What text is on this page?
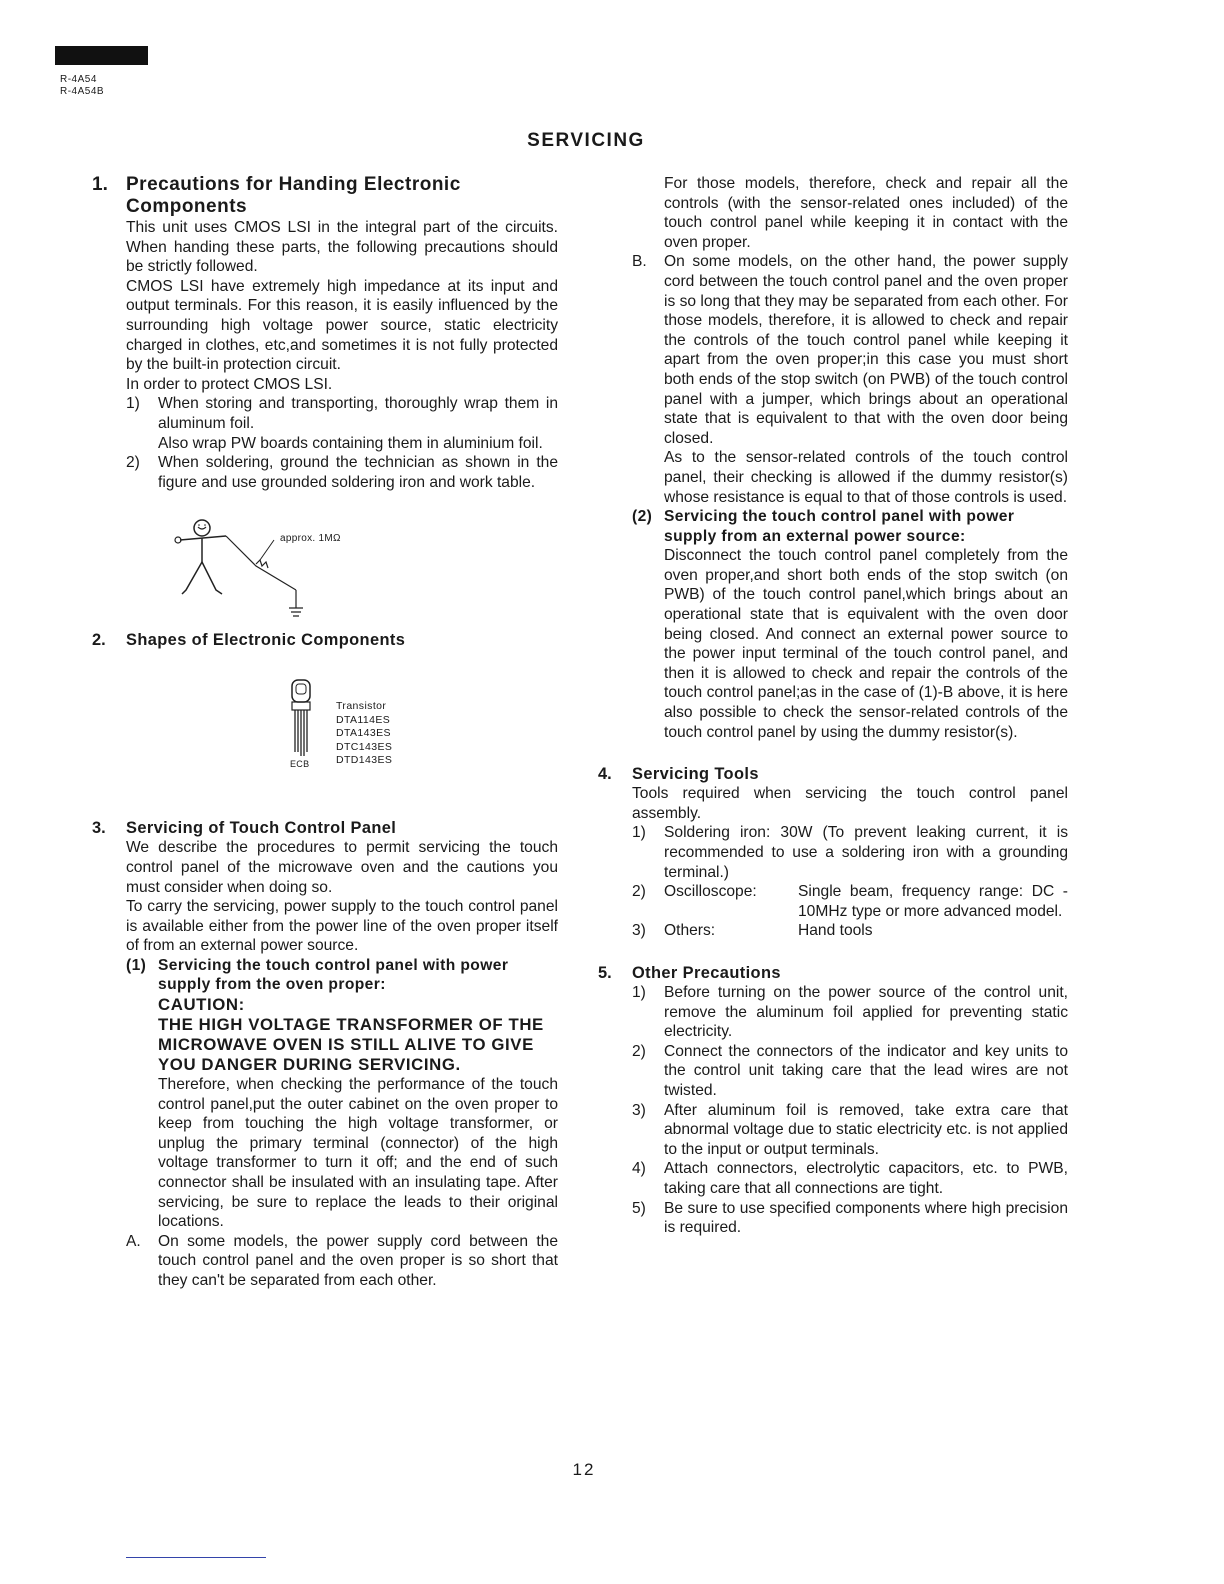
R-4A54
R-4A54B
SERVICING
1. Precautions for Handing Electronic Components

This unit uses CMOS LSI in the integral part of the circuits. When handing these parts, the following precautions should be strictly followed.

CMOS LSI have extremely high impedance at its input and output terminals. For this reason, it is easily influenced by the surrounding high voltage power source, static electricity charged in clothes, etc,and sometimes it is not fully protected by the built-in protection circuit.

In order to protect CMOS LSI.

1)	When storing and transporting, thoroughly wrap them in aluminum foil.
Also wrap PW boards containing them in aluminium foil.
2)	When soldering, ground the technician as shown in the figure and use grounded soldering iron and work table.
approx. 1MΩ
2.	Shapes of Electronic Components

ECB
Transistor
DTA114ES
DTA143ES
DTC143ES
DTD143ES
3.	Servicing of Touch Control Panel

We describe the procedures to permit servicing the touch control panel of the microwave oven and the cautions you must consider when doing so.

To carry the servicing, power supply to the touch control panel is available either from the power line of the oven proper itself of from an external power source.

(1) Servicing the touch control panel with power supply from the oven proper:
CAUTION:
THE HIGH VOLTAGE TRANSFORMER OF THE MICROWAVE OVEN IS STILL ALIVE TO GIVE YOU DANGER DURING SERVICING.
Therefore, when checking the performance of the touch control panel,put the outer cabinet on the oven proper to keep from touching the high voltage transformer, or unplug the primary terminal (connector) of the high voltage transformer to turn it off; and the end of such connector shall be insulated with an insulating tape. After servicing, be sure to replace the leads to their original locations.
A.	On some models, the power supply cord between the touch control panel and the oven proper is so short that they can't be separated from each other.

For those models, therefore, check and repair all the controls (with the sensor-related ones included) of the touch control panel while keeping it in contact with the oven proper.

B.	On some models, on the other hand, the power supply cord between the touch control panel and the oven proper is so long that they may be separated from each other. For those models, therefore, it is allowed to check and repair the controls of the touch control panel while keeping it apart from the oven proper;in this case you must short both ends of the stop switch (on PWB) of the touch control panel with a jumper, which brings about an operational state that is equivalent to that with the oven door being closed.
As to the sensor-related controls of the touch control panel, their checking is allowed if the dummy resistor(s) whose resistance is equal to that of those controls is used.
(2) Servicing the touch control panel with power supply from an external power source:
Disconnect the touch control panel completely from the oven proper,and short both ends of the stop switch (on PWB) of the touch control panel,which brings about an operational state that is equivalent with the oven door being closed. And connect an external power source to the power input terminal of the touch control panel, and then it is allowed to check and repair the controls of the touch control panel;as in the case of (1)-B above, it is here also possible to check the sensor-related controls of the touch control panel by using the dummy resistor(s).
4.	Servicing Tools

Tools required when servicing the touch control panel assembly.

1)	Soldering iron: 30W (To prevent leaking current, it is recommended to use a soldering iron with a grounding terminal.)
2)	Oscilloscope:	Single beam, frequency range: DC - 10MHz type or more advanced model.
3)	Others:	Hand tools
5.	Other Precautions

1)	Before turning on the power source of the control unit, remove the aluminum foil applied for preventing static electricity.
2)	Connect the connectors of the indicator and key units to the control unit taking care that the lead wires are not twisted.
3)	After aluminum foil is removed, take extra care that abnormal voltage due to static electricity etc. is not applied to the input or output terminals.
4)	Attach connectors, electrolytic capacitors, etc. to PWB, taking care that all connections are tight.
5)	Be sure to use specified components where high precision is required.
12
